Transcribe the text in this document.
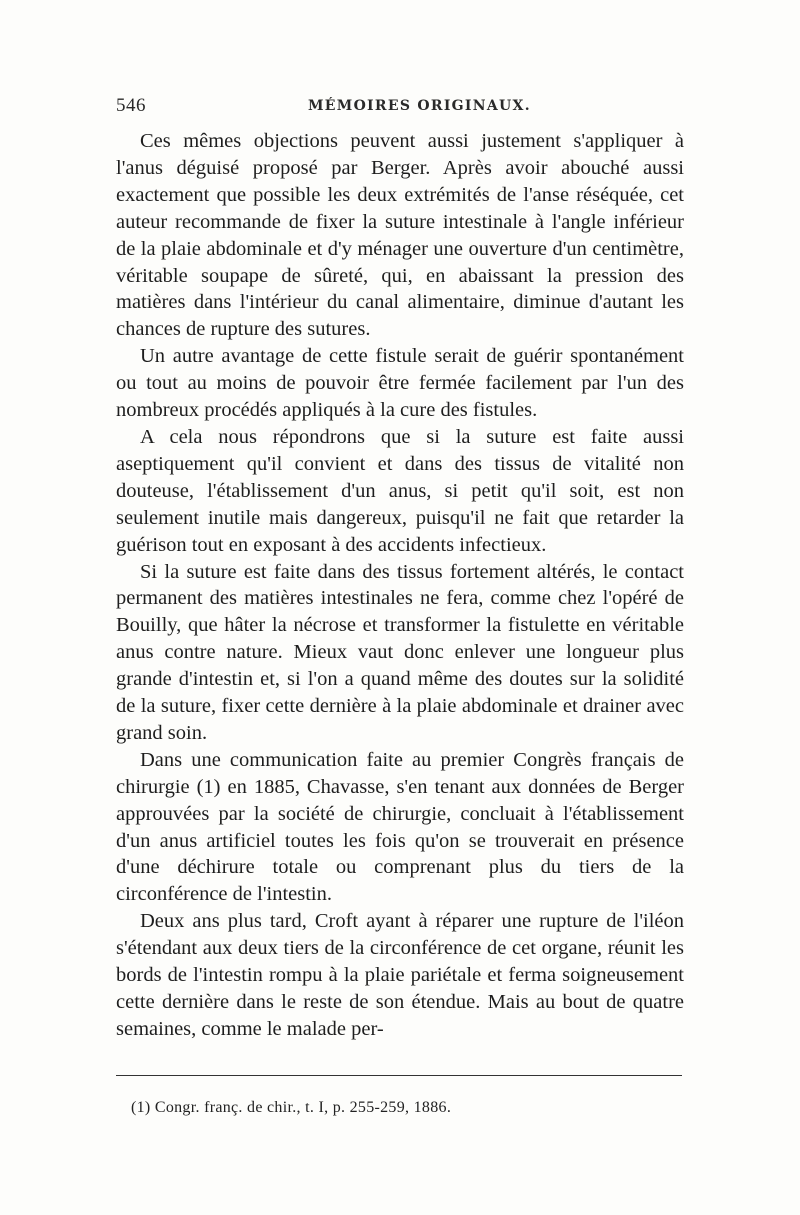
546	MÉMOIRES ORIGINAUX.

Ces mêmes objections peuvent aussi justement s'appliquer à l'anus déguisé proposé par Berger. Après avoir abouché aussi exactement que possible les deux extrémités de l'anse réséquée, cet auteur recommande de fixer la suture intestinale à l'angle inférieur de la plaie abdominale et d'y ménager une ouverture d'un centimètre, véritable soupape de sûreté, qui, en abaissant la pression des matières dans l'intérieur du canal alimentaire, diminue d'autant les chances de rupture des sutures.

Un autre avantage de cette fistule serait de guérir spontanément ou tout au moins de pouvoir être fermée facilement par l'un des nombreux procédés appliqués à la cure des fistules.

A cela nous répondrons que si la suture est faite aussi aseptiquement qu'il convient et dans des tissus de vitalité non douteuse, l'établissement d'un anus, si petit qu'il soit, est non seulement inutile mais dangereux, puisqu'il ne fait que retarder la guérison tout en exposant à des accidents infectieux.

Si la suture est faite dans des tissus fortement altérés, le contact permanent des matières intestinales ne fera, comme chez l'opéré de Bouilly, que hâter la nécrose et transformer la fistulette en véritable anus contre nature. Mieux vaut donc enlever une longueur plus grande d'intestin et, si l'on a quand même des doutes sur la solidité de la suture, fixer cette dernière à la plaie abdominale et drainer avec grand soin.

Dans une communication faite au premier Congrès français de chirurgie (1) en 1885, Chavasse, s'en tenant aux données de Berger approuvées par la société de chirurgie, concluait à l'établissement d'un anus artificiel toutes les fois qu'on se trouverait en présence d'une déchirure totale ou comprenant plus du tiers de la circonférence de l'intestin.

Deux ans plus tard, Croft ayant à réparer une rupture de l'iléon s'étendant aux deux tiers de la circonférence de cet organe, réunit les bords de l'intestin rompu à la plaie pariétale et ferma soigneusement cette dernière dans le reste de son étendue. Mais au bout de quatre semaines, comme le malade per-

(1) Congr. franç. de chir., t. I, p. 255-259, 1886.
